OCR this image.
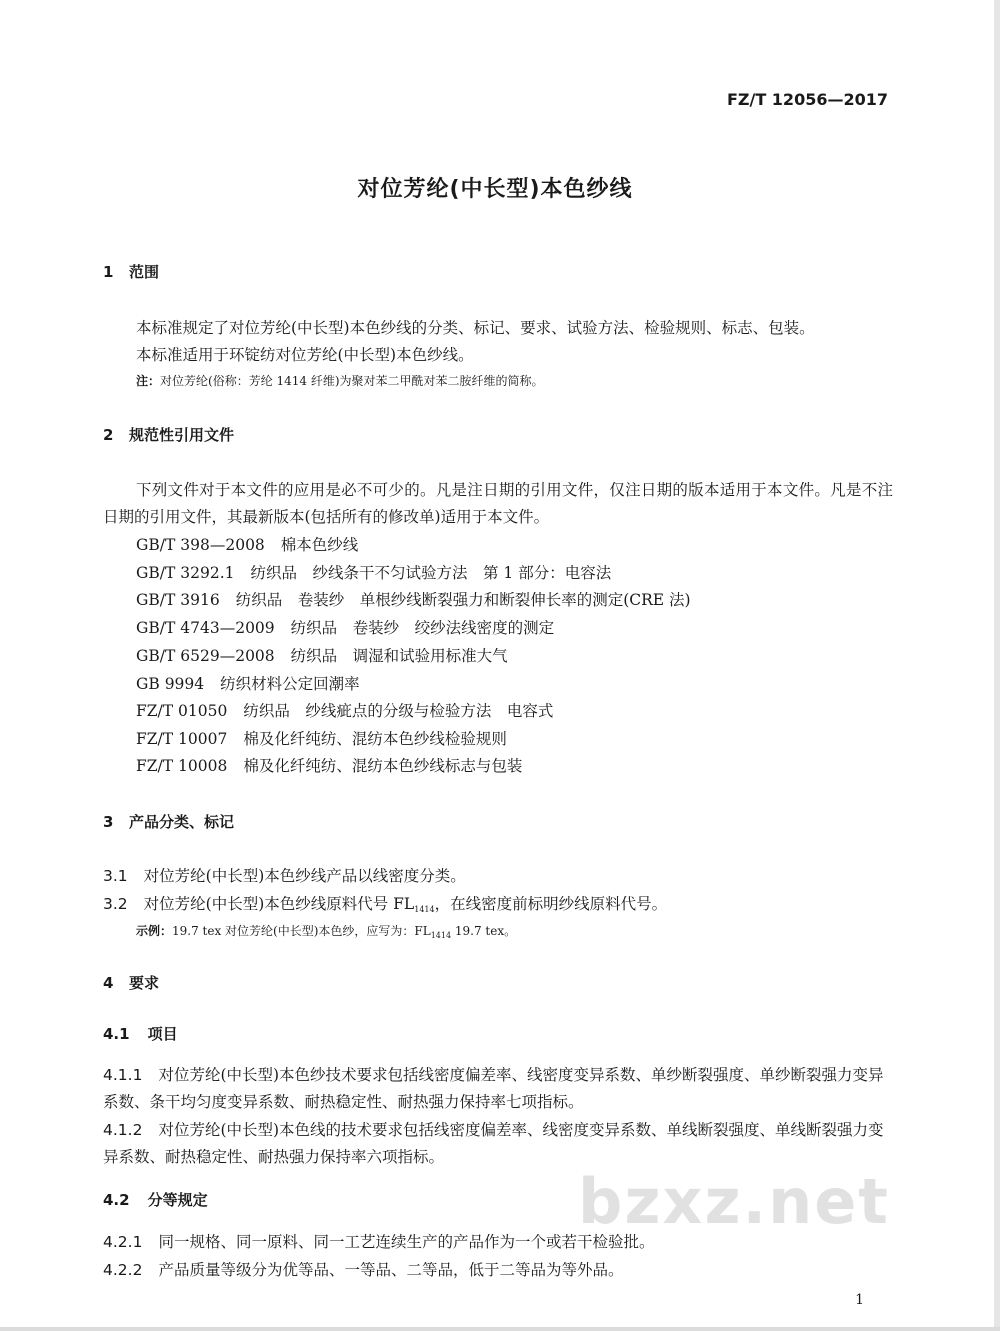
FZ/T 12056—2017
对位芳纶(中长型)本色纱线
1 范围
本标准规定了对位芳纶(中长型)本色纱线的分类、标记、要求、试验方法、检验规则、标志、包装。
本标准适用于环锭纺对位芳纶(中长型)本色纱线。
注：对位芳纶(俗称：芳纶 1414 纤维)为聚对苯二甲酰对苯二胺纤维的简称。
2 规范性引用文件
下列文件对于本文件的应用是必不可少的。凡是注日期的引用文件，仅注日期的版本适用于本文件。凡是不注日期的引用文件，其最新版本(包括所有的修改单)适用于本文件。
GB/T 398—2008 棉本色纱线
GB/T 3292.1 纺织品　纱线条干不匀试验方法　第 1 部分：电容法
GB/T 3916 纺织品　卷装纱　单根纱线断裂强力和断裂伸长率的测定(CRE 法)
GB/T 4743—2009 纺织品　卷装纱　绞纱法线密度的测定
GB/T 6529—2008 纺织品　调湿和试验用标准大气
GB 9994 纺织材料公定回潮率
FZ/T 01050 纺织品　纱线疵点的分级与检验方法　电容式
FZ/T 10007 棉及化纤纯纺、混纺本色纱线检验规则
FZ/T 10008 棉及化纤纯纺、混纺本色纱线标志与包装
3 产品分类、标记
3.1 对位芳纶(中长型)本色纱线产品以线密度分类。
3.2 对位芳纶(中长型)本色纱线原料代号 $FL_{1414}$，在线密度前标明纱线原料代号。
示例：19.7 tex 对位芳纶(中长型)本色纱，应写为：$FL_{1414}$ 19.7 tex。
4 要求
4.1 项目
4.1.1 对位芳纶(中长型)本色纱技术要求包括线密度偏差率、线密度变异系数、单纱断裂强度、单纱断裂强力变异系数、条干均匀度变异系数、耐热稳定性、耐热强力保持率七项指标。
4.1.2 对位芳纶(中长型)本色线的技术要求包括线密度偏差率、线密度变异系数、单线断裂强度、单线断裂强力变异系数、耐热稳定性、耐热强力保持率六项指标。
4.2 分等规定
4.2.1 同一规格、同一原料、同一工艺连续生产的产品作为一个或若干检验批。
4.2.2 产品质量等级分为优等品、一等品、二等品，低于二等品为等外品。
bzxz.net
1
